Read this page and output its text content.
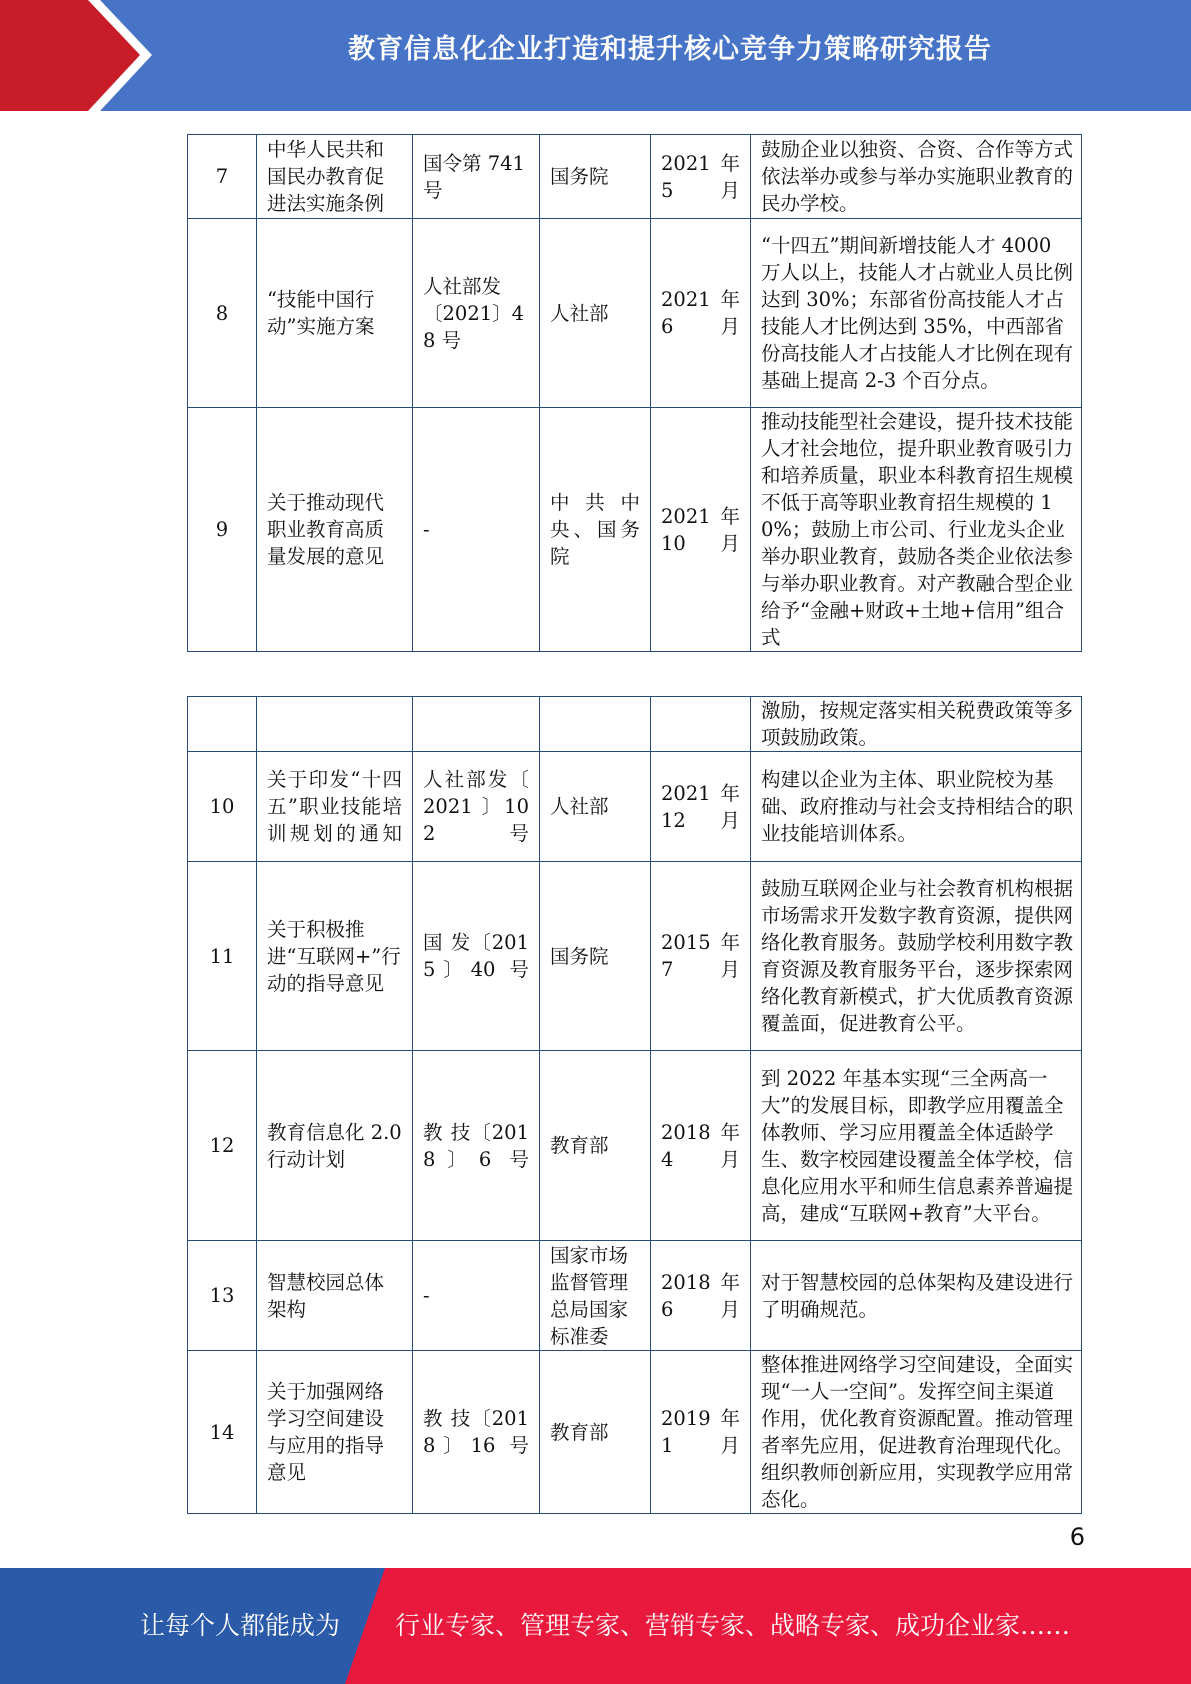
教育信息化企业打造和提升核心竞争力策略研究报告
7	中华人民共和国民办教育促进法实施条例	国令第 741 号	国务院	2021 年 5 月	鼓励企业以独资、合资、合作等方式依法举办或参与举办实施职业教育的民办学校。
8	“技能中国行动”实施方案	人社部发〔2021〕48 号	人社部	2021 年 6 月	“十四五”期间新增技能人才 4000 万人以上，技能人才占就业人员比例达到 30%；东部省份高技能人才占技能人才比例达到 35%，中西部省份高技能人才占技能人才比例在现有基础上提高 2-3 个百分点。
9	关于推动现代职业教育高质量发展的意见	-	中共中央、国务院	2021 年 10 月	推动技能型社会建设，提升技术技能人才社会地位，提升职业教育吸引力和培养质量，职业本科教育招生规模不低于高等职业教育招生规模的 10%；鼓励上市公司、行业龙头企业举办职业教育，鼓励各类企业依法参与举办职业教育。对产教融合型企业给予“金融+财政+土地+信用”组合式
					激励，按规定落实相关税费政策等多项鼓励政策。
10	关于印发“十四五”职业技能培训规划的通知	人社部发〔 2021 〕102 号	人社部	2021 年 12 月	构建以企业为主体、职业院校为基础、政府推动与社会支持相结合的职业技能培训体系。
11	关于积极推进“互联网+”行动的指导意见	国 发〔2015〕40 号	国务院	2015 年 7 月	鼓励互联网企业与社会教育机构根据市场需求开发数字教育资源，提供网络化教育服务。鼓励学校利用数字教育资源及教育服务平台，逐步探索网络化教育新模式，扩大优质教育资源覆盖面，促进教育公平。
12	教育信息化 2.0 行动计划	教 技〔2018〕6 号	教育部	2018 年 4 月	到 2022 年基本实现“三全两高一大”的发展目标，即教学应用覆盖全体教师、学习应用覆盖全体适龄学生、数字校园建设覆盖全体学校，信息化应用水平和师生信息素养普遍提高，建成“互联网+教育”大平台。
13	智慧校园总体架构	-	国家市场监督管理总局国家标准委	2018 年 6 月	对于智慧校园的总体架构及建设进行了明确规范。
14	关于加强网络学习空间建设与应用的指导意见	教 技〔2018〕16 号	教育部	2019 年 1 月	整体推进网络学习空间建设，全面实现“一人一空间”。发挥空间主渠道作用，优化教育资源配置。推动管理者率先应用，促进教育治理现代化。组织教师创新应用，实现教学应用常态化。
6
让每个人都能成为	行业专家、管理专家、营销专家、战略专家、成功企业家……
